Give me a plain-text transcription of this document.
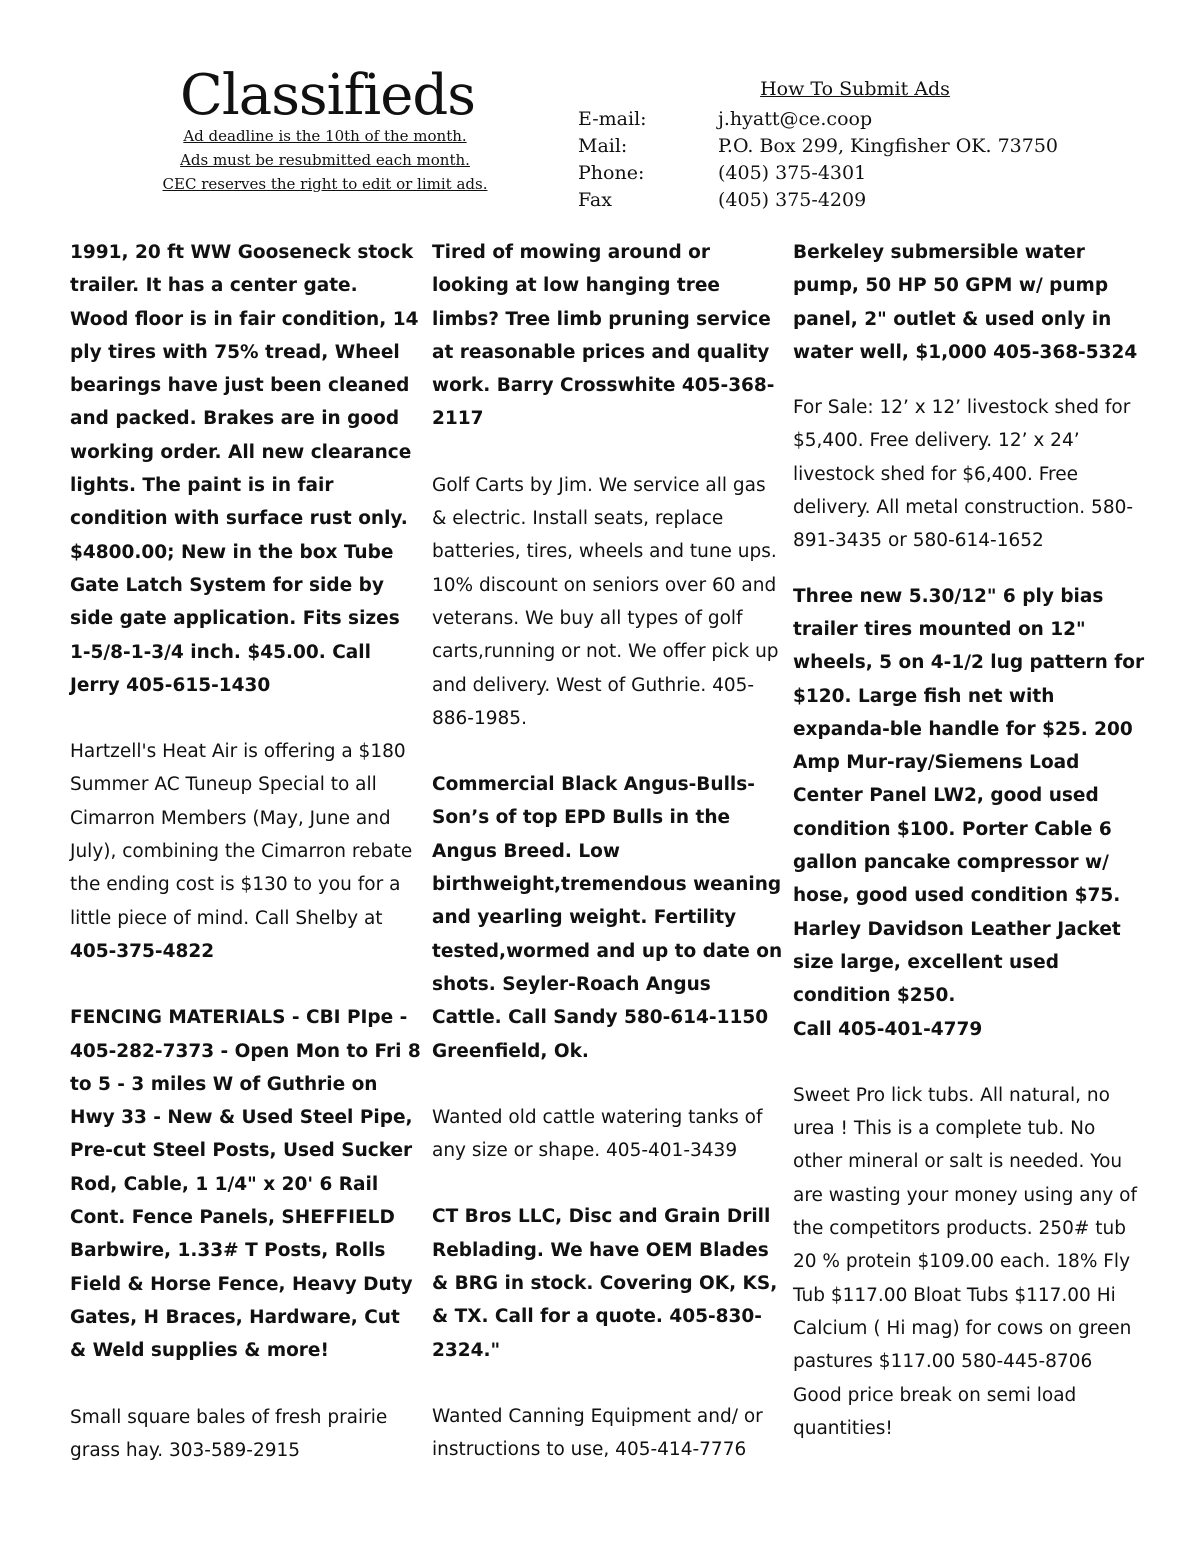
Classifieds
Ad deadline is the 10th of the month.
Ads must be resubmitted each month.
CEC reserves the right to edit or limit ads.
How To Submit Ads
E-mail:	j.hyatt@ce.coop
Mail:	P.O. Box 299, Kingfisher OK. 73750
Phone:	(405) 375-4301
Fax	(405) 375-4209

1991, 20 ft WW Gooseneck stock trailer. It has a center gate. Wood floor is in fair condition, 14 ply tires with 75% tread, Wheel bearings have just been cleaned and packed. Brakes are in good working order. All new clearance lights. The paint is in fair condition with surface rust only. $4800.00; New in the box Tube Gate Latch System for side by side gate application. Fits sizes 1-5/8-1-3/4 inch. $45.00. Call Jerry 405-615-1430

Hartzell's Heat Air is offering a $180 Summer AC Tuneup Special to all Cimarron Members (May, June and July), combining the Cimarron rebate the ending cost is $130 to you for a little piece of mind. Call Shelby at 405-375-4822

FENCING MATERIALS - CBI PIpe - 405-282-7373 - Open Mon to Fri 8 to 5 - 3 miles W of Guthrie on Hwy 33 - New & Used Steel Pipe, Pre-cut Steel Posts, Used Sucker Rod, Cable, 1 1/4" x 20' 6 Rail Cont. Fence Panels, SHEFFIELD Barbwire, 1.33# T Posts, Rolls Field & Horse Fence, Heavy Duty Gates, H Braces, Hardware, Cut & Weld supplies & more!

Small square bales of fresh prairie grass hay. 303-589-2915

Tired of mowing around or looking at low hanging tree limbs? Tree limb pruning service at reasonable prices and quality work. Barry Crosswhite 405-368-2117

Golf Carts by Jim. We service all gas & electric. Install seats, replace batteries, tires, wheels and tune ups. 10% discount on seniors over 60 and veterans. We buy all types of golf carts,running or not. We offer pick up and delivery. West of Guthrie. 405-886-1985.

Commercial Black Angus-Bulls-Son’s of top EPD Bulls in the Angus Breed. Low birthweight,tremendous weaning and yearling weight. Fertility tested,wormed and up to date on shots. Seyler-Roach Angus Cattle. Call Sandy 580-614-1150 Greenfield, Ok.

Wanted old cattle watering tanks of any size or shape. 405-401-3439

CT Bros LLC, Disc and Grain Drill Reblading. We have OEM Blades & BRG in stock. Covering OK, KS, & TX. Call for a quote. 405-830-2324."

Wanted Canning Equipment and/ or instructions to use, 405-414-7776

Berkeley submersible water pump, 50 HP 50 GPM w/ pump panel, 2" outlet & used only in water well, $1,000 405-368-5324

For Sale: 12’ x 12’ livestock shed for $5,400. Free delivery. 12’ x 24’ livestock shed for $6,400. Free delivery. All metal construction. 580-891-3435 or 580-614-1652

Three new 5.30/12" 6 ply bias trailer tires mounted on 12" wheels, 5 on 4-1/2 lug pattern for $120. Large fish net with expanda-ble handle for $25. 200 Amp Mur-ray/Siemens Load Center Panel LW2, good used condition $100. Porter Cable 6 gallon pancake compressor w/ hose, good used condition $75. Harley Davidson Leather Jacket size large, excellent used condition $250.
Call 405-401-4779

Sweet Pro lick tubs. All natural, no urea ! This is a complete tub. No other mineral or salt is needed. You are wasting your money using any of the competitors products. 250# tub 20 % protein $109.00 each. 18% Fly Tub $117.00 Bloat Tubs $117.00 Hi Calcium ( Hi mag) for cows on green pastures $117.00 580-445-8706 Good price break on semi load quantities!
